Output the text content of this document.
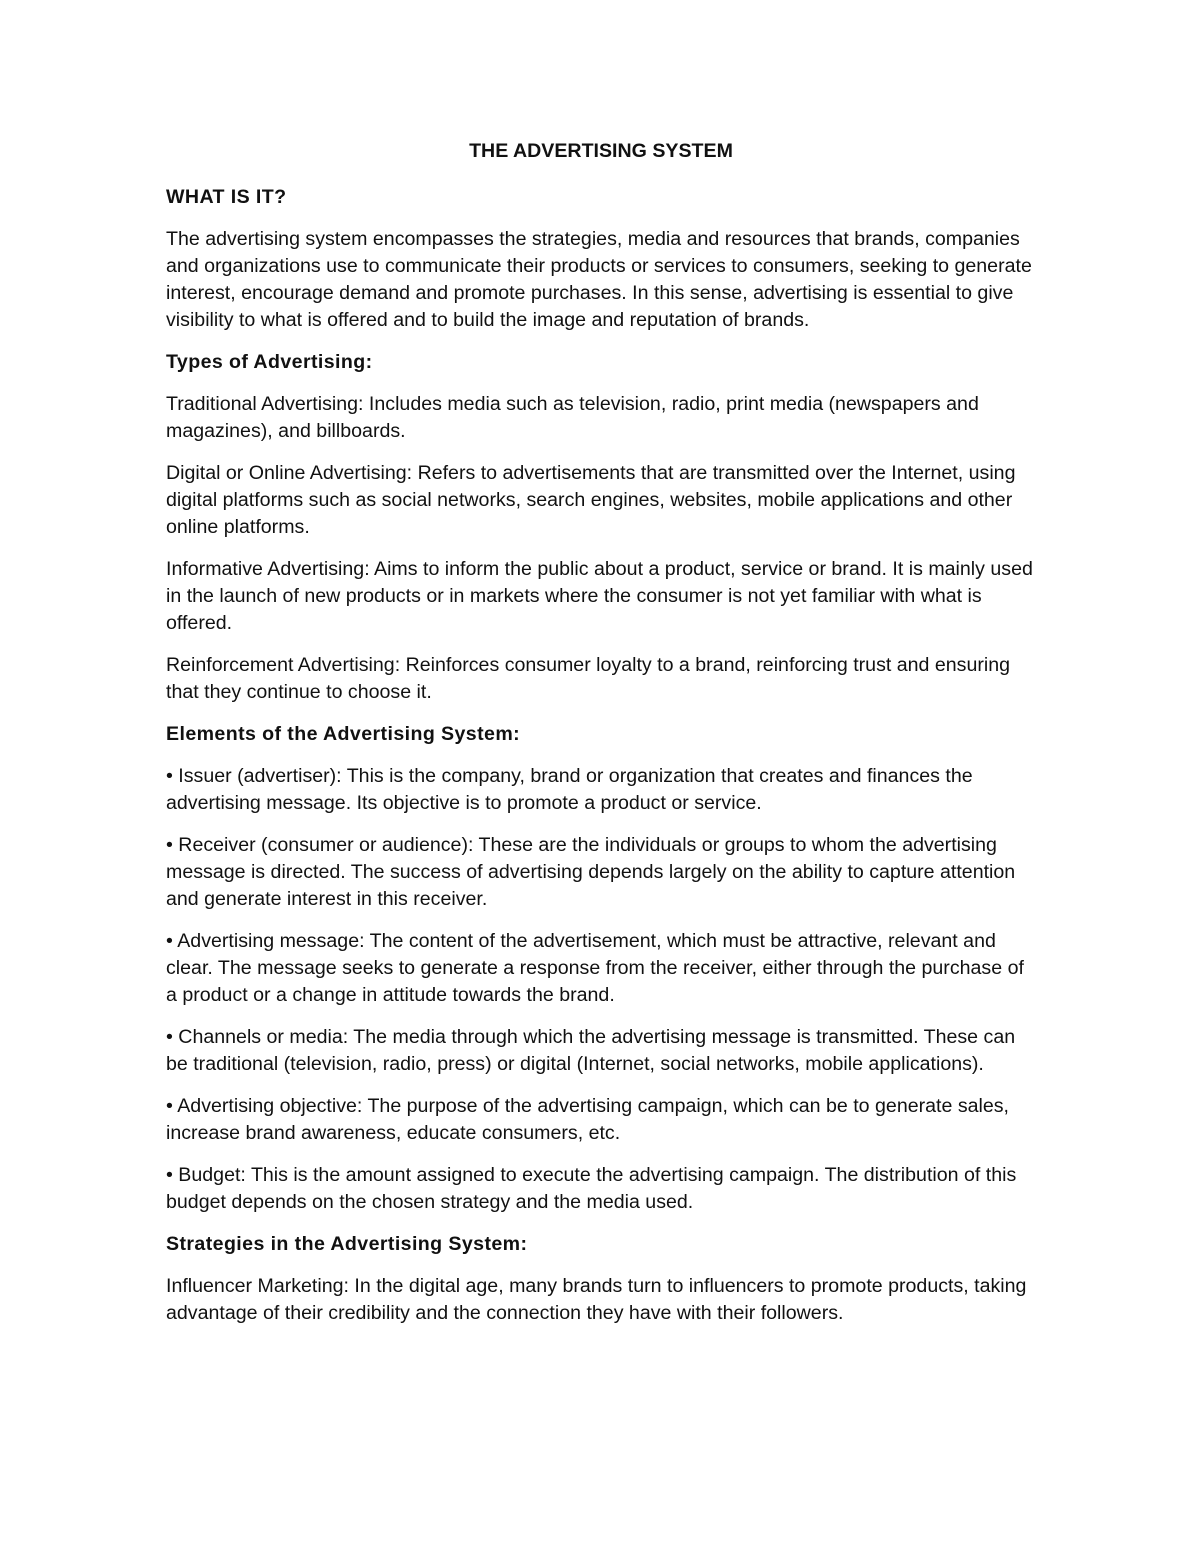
THE ADVERTISING SYSTEM
WHAT IS IT?
The advertising system encompasses the strategies, media and resources that brands, companies and organizations use to communicate their products or services to consumers, seeking to generate interest, encourage demand and promote purchases. In this sense, advertising is essential to give visibility to what is offered and to build the image and reputation of brands.
Types of Advertising:
Traditional Advertising: Includes media such as television, radio, print media (newspapers and magazines), and billboards.
Digital or Online Advertising: Refers to advertisements that are transmitted over the Internet, using digital platforms such as social networks, search engines, websites, mobile applications and other online platforms.
Informative Advertising: Aims to inform the public about a product, service or brand. It is mainly used in the launch of new products or in markets where the consumer is not yet familiar with what is offered.
Reinforcement Advertising: Reinforces consumer loyalty to a brand, reinforcing trust and ensuring that they continue to choose it.
Elements of the Advertising System:
• Issuer (advertiser): This is the company, brand or organization that creates and finances the advertising message. Its objective is to promote a product or service.
• Receiver (consumer or audience): These are the individuals or groups to whom the advertising message is directed. The success of advertising depends largely on the ability to capture attention and generate interest in this receiver.
• Advertising message: The content of the advertisement, which must be attractive, relevant and clear. The message seeks to generate a response from the receiver, either through the purchase of a product or a change in attitude towards the brand.
• Channels or media: The media through which the advertising message is transmitted. These can be traditional (television, radio, press) or digital (Internet, social networks, mobile applications).
• Advertising objective: The purpose of the advertising campaign, which can be to generate sales, increase brand awareness, educate consumers, etc.
• Budget: This is the amount assigned to execute the advertising campaign. The distribution of this budget depends on the chosen strategy and the media used.
Strategies in the Advertising System:
Influencer Marketing: In the digital age, many brands turn to influencers to promote products, taking advantage of their credibility and the connection they have with their followers.
